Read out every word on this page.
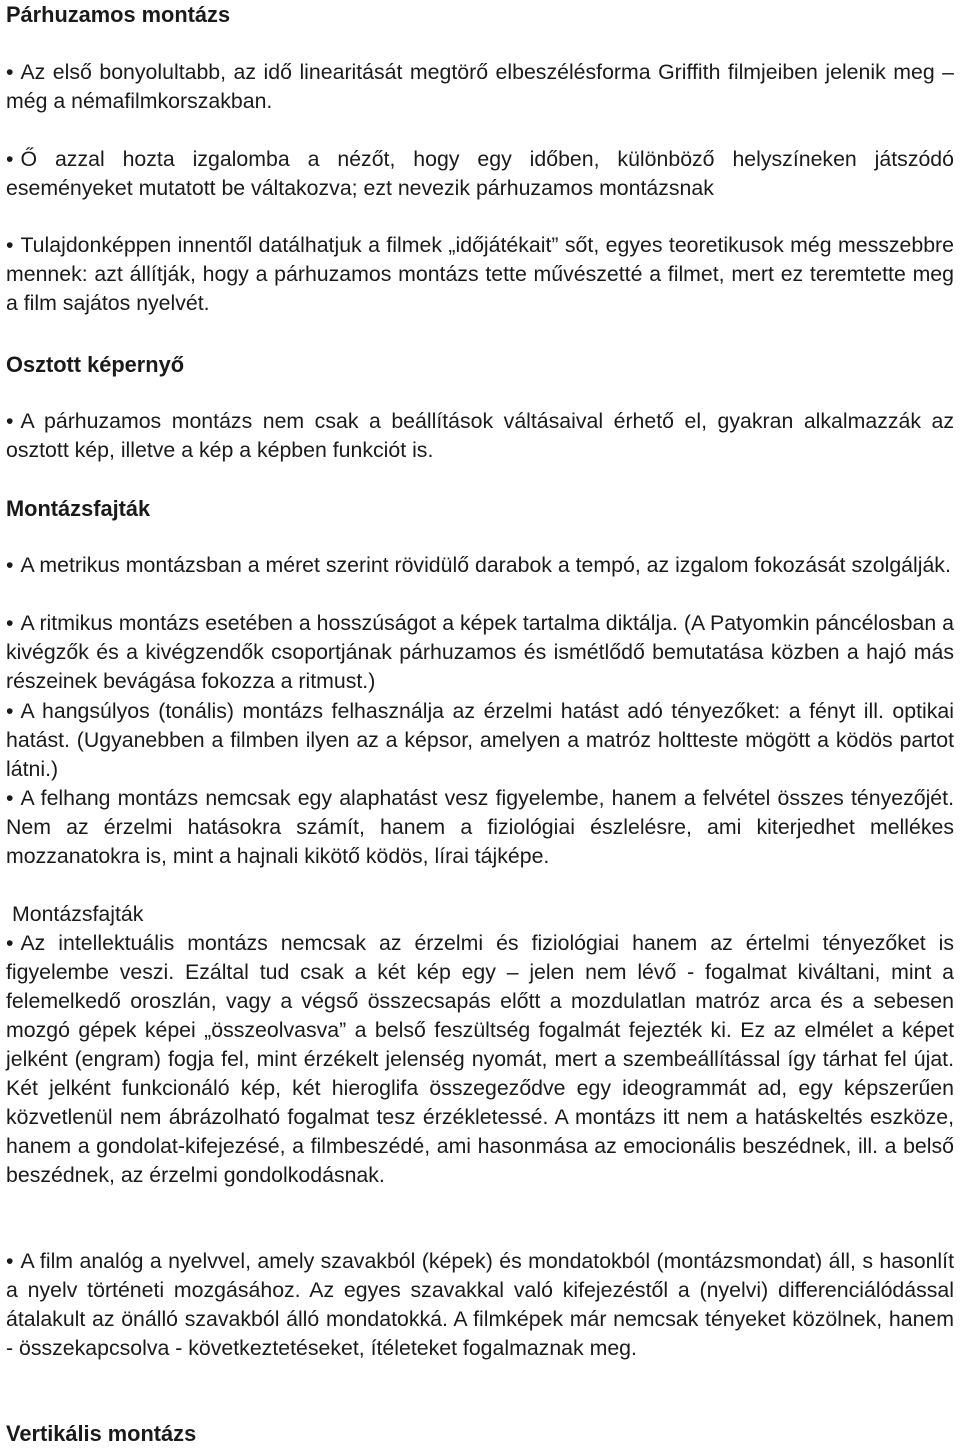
Párhuzamos montázs

• Az első bonyolultabb, az idő linearitását megtörő elbeszélésforma Griffith filmjeiben jelenik meg – még a némafilmkorszakban.

• Ő azzal hozta izgalomba a nézőt, hogy egy időben, különböző helyszíneken játszódó eseményeket mutatott be váltakozva; ezt nevezik párhuzamos montázsnak

• Tulajdonképpen innentől datálhatjuk a filmek „időjátékait” sőt, egyes teoretikusok még messzebbre mennek: azt állítják, hogy a párhuzamos montázs tette művészetté a filmet, mert ez teremtette meg a film sajátos nyelvét.

Osztott képernyő

• A párhuzamos montázs nem csak a beállítások váltásaival érhető el, gyakran alkalmazzák az osztott kép, illetve a kép a képben funkciót is.

Montázsfajták

• A metrikus montázsban a méret szerint rövidülő darabok a tempó, az izgalom fokozását szolgálják.

• A ritmikus montázs esetében a hosszúságot a képek tartalma diktálja. (A Patyomkin páncélosban a kivégzők és a kivégzendők csoportjának párhuzamos és ismétlődő bemutatása közben a hajó más részeinek bevágása fokozza a ritmust.)

• A hangsúlyos (tonális) montázs felhasználja az érzelmi hatást adó tényezőket: a fényt ill. optikai hatást. (Ugyanebben a filmben ilyen az a képsor, amelyen a matróz holtteste mögött a ködös partot látni.)

• A felhang montázs nemcsak egy alaphatást vesz figyelembe, hanem a felvétel összes tényezőjét. Nem az érzelmi hatásokra számít, hanem a fiziológiai észlelésre, ami kiterjedhet mellékes mozzanatokra is, mint a hajnali kikötő ködös, lírai tájképe.

Montázsfajták

• Az intellektuális montázs nemcsak az érzelmi és fiziológiai hanem az értelmi tényezőket is figyelembe veszi. Ezáltal tud csak a két kép egy – jelen nem lévő - fogalmat kiváltani, mint a felemelkedő oroszlán, vagy a végső összecsapás előtt a mozdulatlan matróz arca és a sebesen mozgó gépek képei „összeolvasva” a belső feszültség fogalmát fejezték ki. Ez az elmélet a képet jelként (engram) fogja fel, mint érzékelt jelenség nyomát, mert a szembeállítással így tárhat fel újat. Két jelként funkcionáló kép, két hieroglifa összegeződve egy ideogrammát ad, egy képszerűen közvetlenül nem ábrázolható fogalmat tesz érzékletessé. A montázs itt nem a hatáskeltés eszköze, hanem a gondolat-kifejezésé, a filmbeszédé, ami hasonmása az emocionális beszédnek, ill. a belső beszédnek, az érzelmi gondolkodásnak.

• A film analóg a nyelvvel, amely szavakból (képek) és mondatokból (montázsmondat) áll, s hasonlít a nyelv történeti mozgásához. Az egyes szavakkal való kifejezéstől a (nyelvi) differenciálódással átalakult az önálló szavakból álló mondatokká. A filmképek már nemcsak tényeket közölnek, hanem - összekapcsolva - következtetéseket, ítéleteket fogalmaznak meg.

Vertikális montázs
